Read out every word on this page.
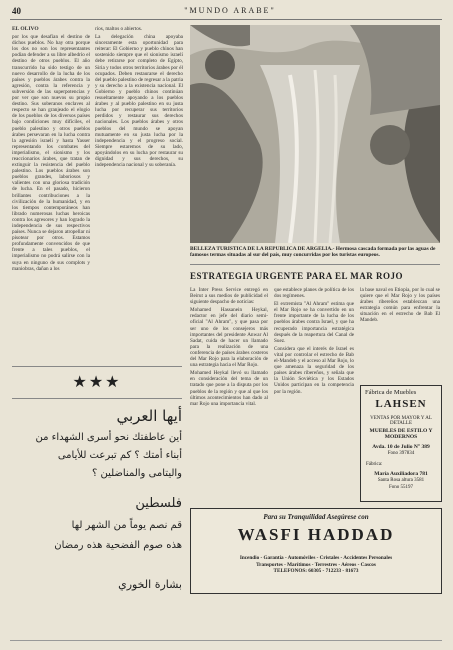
40	"MUNDO ARABE"

EL OLIVO

por los que desafían el destino de dichos pueblos. No hay otra porque los dos no son los representantes podían defender a su libre albedrío el destino de otros pueblos. El año transcurrido ha sido testigo de un nuevo desarrollo de la lucha de los países y pueblos árabes contra la agresión, contra la referencia y subversión de las superpotencias y por ver que son nuevos su propio destino. Sus soberanos enclaves al respecto se han granjeado el elogio de los pueblos de los diversos países bajo condiciones muy difíciles, el pueblo palestino y otros pueblos árabes persevaran en la lucha contra la agresión israelí y hasta Yasser representando los combates del imperialismo, el sionismo y los reaccionarios árabes, que tratan de extinguir la resistencia del pueblo palestino. Los pueblos árabes son pueblos grandes, laboriosos y valientes con una gloriosa tradición de lucha. En el pasado, hicieron brillantes contribuciones a la civilización de la humanidad, y en los tiempos contemporáneos han librado numerosas luchas heroicas contra los agresores y han logrado la independencia de sus respectivos países. Nunca se dejaron atropellar ni pisotear por otros. Estamos profundamente convencidos de que frente a tales pueblos, el imperialismo no podrá salirse con la suya en ninguno de sus complots y maniobras, dañan a los

ríos, maltos o abiertos.

La delegación china apoyaba sinceramente esta oportunidad para reiterar: El Gobierno y pueblo chinos han sostenido siempre que el sionismo israelí debe retirarse por completo de Egipto, Siria y todos otros territorios árabes por él ocupados. Deben restaurarse el derecho del pueblo palestino de regresar a la patria y su derecho a la existencia nacional. El Gobierno y pueblo chinos continúan resueltamente apoyando a los pueblos árabes y al pueblo palestino en su justa lucha por recuperar sus territorios perdidos y restaurar sus derechos nacionales. Los pueblos árabes y otros pueblos del mundo se apoyan mutuamente en su justa lucha por la independencia y el progreso social. Siempre estaremos de su lado, apoyándolos en su lucha por restaurar su dignidad y sus derechos, su independencia nacional y su soberanía.

BELLEZA TURISTICA DE LA REPUBLICA DE ARGELIA.- Hermosa cascada formada por las aguas de famosos termas situadas al sur del país, muy concurridas por los turistas europeos.
ESTRATEGIA URGENTE PARA EL MAR ROJO

La Inter Press Service entregó en Beirut a sus medios de publicidad el siguiente despacho de noticias:

Mohamed Hassanein Heykal, redactor en jefe del diario semi-oficial "Al Ahram", y que pasa por ser uno de los consejeros más importantes del presidente Anwar Al Sadat, cuida de hacer un llamado para la realización de una conferencia de países árabes costeros del Mar Rojo para la elaboración de una estrategia hacia el Mar Rojo.

Mohamed Heykal llevó su llamado en consideración del tema de un tratado que pone a la disputa por los pueblos de la región y que al que los últimos acontecimientos han dado al mar Rojo una importancia vital.

que establece planes de política de los dos regímenes.

El extremista "Al Ahram" estima que el Mar Rojo se ha convertido en un frente importante de la lucha de los pueblos árabes contra Israel, y que ha recuperado importancia estratégica después de la reapertura del Canal de Suez.

Considera que el interés de Israel es vital por controlar el estrecho de Bab el-Mandeb y el acceso al Mar Rojo, lo que amenaza la seguridad de los países árabes ribereños, y señala que la Unión Soviética y los Estados Unidos participan en la competencia por la región.

la base naval en Etiopía, por lo cual se quiere que el Mar Rojo y los países árabes ribereños establezcan una estrategia común para enfrentar la situación en el estrecho de Bab El Mandeb.

Fábrica de Muebles
LAHSEN
VENTAS POR MAYOR Y AL DETALLE
MUEBLES DE ESTILO Y MODERNOS
Avda. 10 de Julio N° 389
Fono 397834
Fábrica:
María Auxiliadora 781
Santa Rosa altura 3581
Fono 55197
★★★
أيها العربي
أين عاطفتك نحو أسرى الشهداء من
أبناء أمتك ؟ كم تبرعت للأيامى
واليتامى والمناضلين ؟
فلسطين
قم نصم يوماً من الشهر لها
هذه صوم الفضحية هذه رمضان
بشارة الخوري
Para su Tranquilidad Asegúrese con
WASFI HADDAD
Incendio - Garantía - Automóviles - Cristales - Accidentes Personales
Transportes - Marítimos - Terrestres - Aéreos - Cascos
TELEFONOS: 60305 - 712233 - 81673
